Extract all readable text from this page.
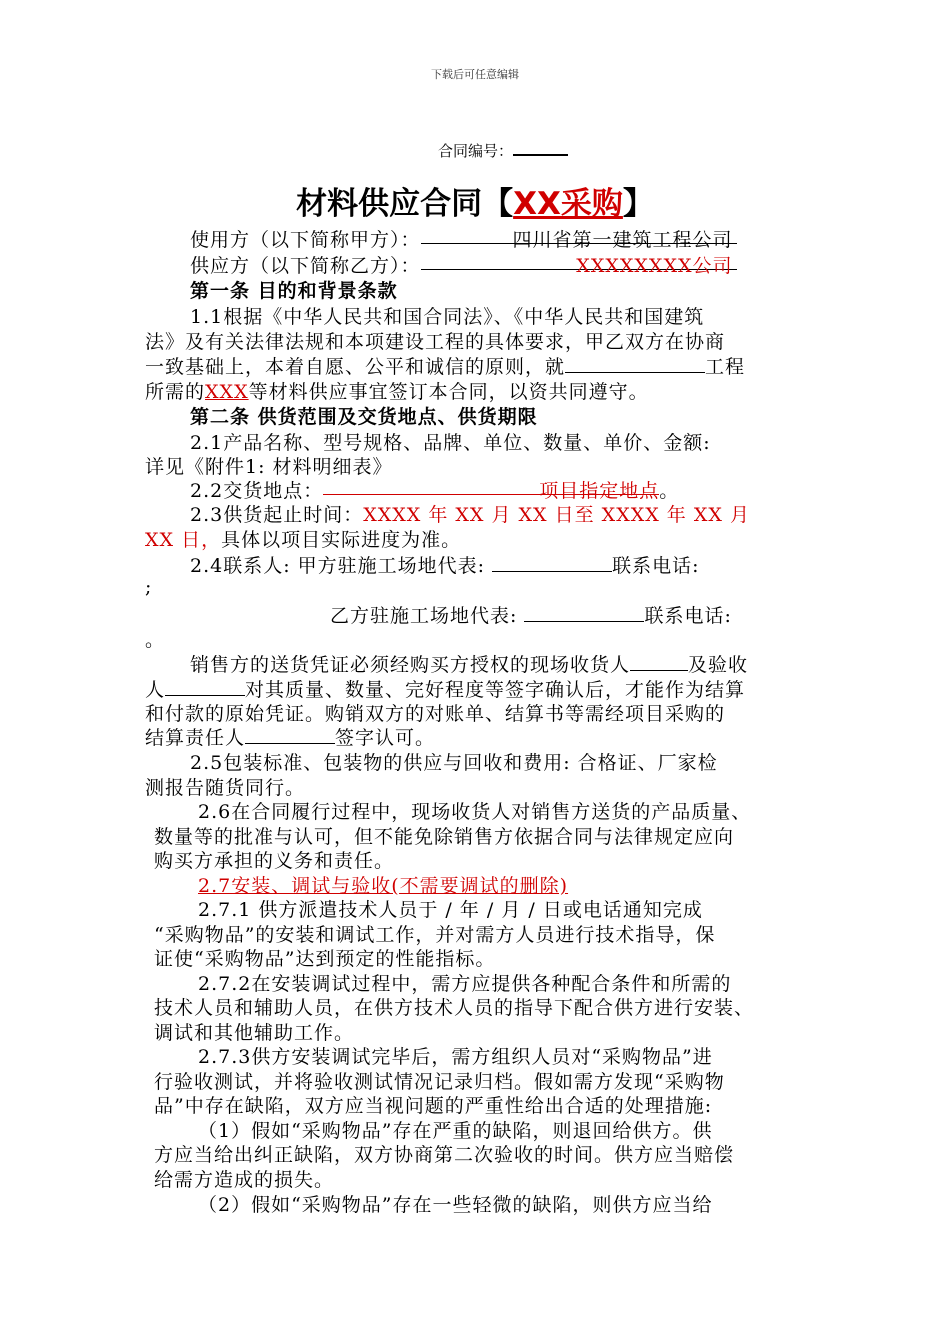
下载后可任意编辑
合同编号：
材料供应合同【XX采购】
使用方（以下简称甲方）：	四川省第一建筑工程公司
供应方（以下简称乙方）：	XXXXXXXX公司
第一条 目的和背景条款
1.1根据《中华人民共和国合同法》、《中华人民共和国建筑
法》及有关法律法规和本项建设工程的具体要求，甲乙双方在协商
一致基础上，本着自愿、公平和诚信的原则，就	工程
所需的XXX等材料供应事宜签订本合同，以资共同遵守。
第二条 供货范围及交货地点、供货期限
2.1产品名称、型号规格、品牌、单位、数量、单价、金额:
详见《附件1: 材料明细表》
2.2交货地点：	项目指定地点。
2.3供货起止时间：XXXX 年 XX 月 XX 日至 XXXX 年 XX 月
XX 日，具体以项目实际进度为准。
2.4联系人: 甲方驻施工场地代表:	联系电话:
;
乙方驻施工场地代表:	联系电话:
。
销售方的送货凭证必须经购买方授权的现场收货人	及验收
人	对其质量、数量、完好程度等签字确认后，才能作为结算
和付款的原始凭证。购销双方的对账单、结算书等需经项目采购的
结算责任人	签字认可。
2.5包装标准、包装物的供应与回收和费用: 合格证、厂家检
测报告随货同行。
2.6在合同履行过程中，现场收货人对销售方送货的产品质量、
数量等的批准与认可，但不能免除销售方依据合同与法律规定应向
购买方承担的义务和责任。
2.7安装、调试与验收(不需要调试的删除)
2.7.1 供方派遣技术人员于 / 年 / 月 / 日或电话通知完成
“采购物品”的安装和调试工作，并对需方人员进行技术指导，保
证使“采购物品”达到预定的性能指标。
2.7.2在安装调试过程中，需方应提供各种配合条件和所需的
技术人员和辅助人员，在供方技术人员的指导下配合供方进行安装、
调试和其他辅助工作。
2.7.3供方安装调试完毕后，需方组织人员对“采购物品”进
行验收测试，并将验收测试情况记录归档。假如需方发现“采购物
品”中存在缺陷，双方应当视问题的严重性给出合适的处理措施:
（1）假如“采购物品”存在严重的缺陷，则退回给供方。供
方应当给出纠正缺陷，双方协商第二次验收的时间。供方应当赔偿
给需方造成的损失。
（2）假如“采购物品”存在一些轻微的缺陷，则供方应当给
